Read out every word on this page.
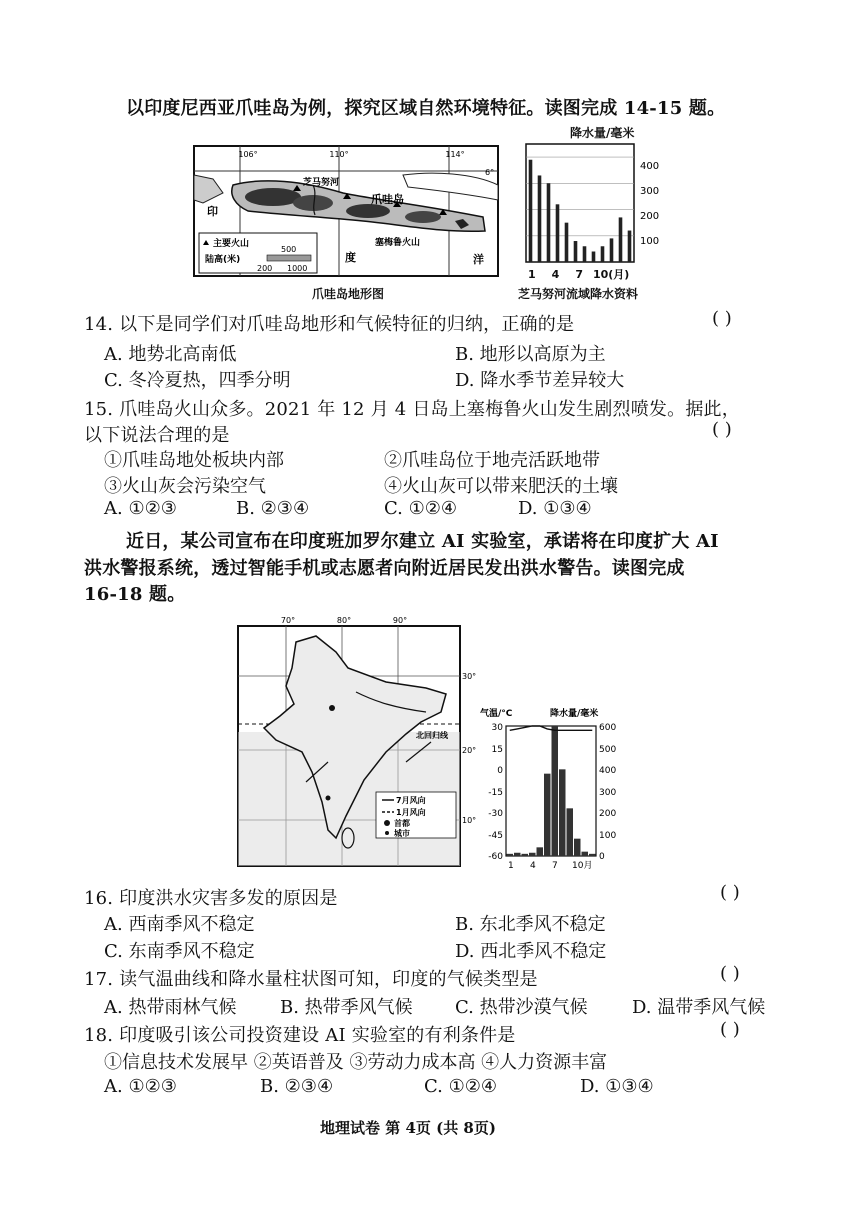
以印度尼西亚爪哇岛为例，探究区域自然环境特征。读图完成 14-15 题。
106°	110°	114°
6°
芝马努河
爪哇岛
印
度	洋
塞梅鲁火山
主要火山
陆高(米)
500
200 1000
爪哇岛地形图
降水量/毫米
400
300
200
100
1 4 7 10(月)
芝马努河流域降水资料
14. 以下是同学们对爪哇岛地形和气候特征的归纳，正确的是	( )
A. 地势北高南低	B. 地形以高原为主
C. 冬冷夏热，四季分明	D. 降水季节差异较大
15. 爪哇岛火山众多。2021 年 12 月 4 日岛上塞梅鲁火山发生剧烈喷发。据此，
以下说法合理的是	( )
①爪哇岛地处板块内部	②爪哇岛位于地壳活跃地带
③火山灰会污染空气	④火山灰可以带来肥沃的土壤
A. ①②③	B. ②③④	C. ①②④	D. ①③④
近日，某公司宣布在印度班加罗尔建立 AI 实验室，承诺将在印度扩大 AI
洪水警报系统，透过智能手机或志愿者向附近居民发出洪水警告。读图完成
16-18 题。
70°	80°	90°
30°
20°
10°
北回归线
7月风向
1月风向
首都
城市
气温/°C	降水量/毫米
30
15
0
-15
-30
-45
-60
600
500
400
300
200
100
0
1 4 7 10月
16. 印度洪水灾害多发的原因是	( )
A. 西南季风不稳定	B. 东北季风不稳定
C. 东南季风不稳定	D. 西北季风不稳定
17. 读气温曲线和降水量柱状图可知，印度的气候类型是	( )
A. 热带雨林气候 B. 热带季风气候 C. 热带沙漠气候 D. 温带季风气候
18. 印度吸引该公司投资建设 AI 实验室的有利条件是	( )
①信息技术发展早 ②英语普及 ③劳动力成本高 ④人力资源丰富
A. ①②③	B. ②③④	C. ①②④	D. ①③④
地理试卷 第 4页 (共 8页)
